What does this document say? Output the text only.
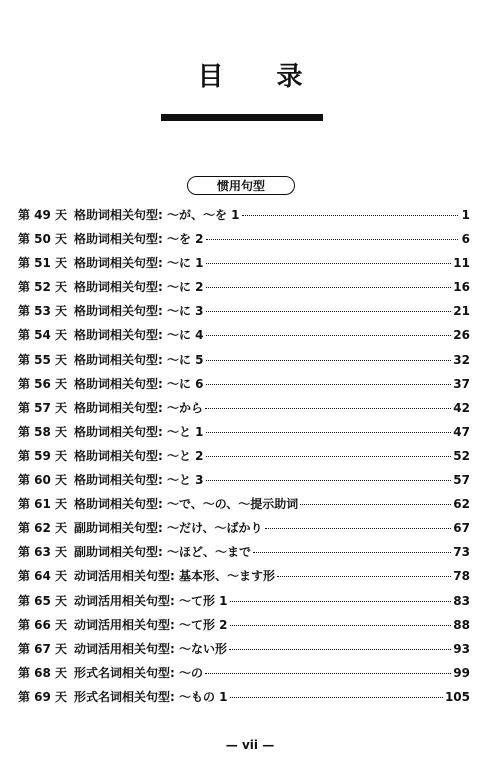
目 录
惯用句型
第 49 天 格助词相关句型: ～が、～を 1	1
第 50 天 格助词相关句型: ～を 2	6
第 51 天 格助词相关句型: ～に 1	11
第 52 天 格助词相关句型: ～に 2	16
第 53 天 格助词相关句型: ～に 3	21
第 54 天 格助词相关句型: ～に 4	26
第 55 天 格助词相关句型: ～に 5	32
第 56 天 格助词相关句型: ～に 6	37
第 57 天 格助词相关句型: ～から	42
第 58 天 格助词相关句型: ～と 1	47
第 59 天 格助词相关句型: ～と 2	52
第 60 天 格助词相关句型: ～と 3	57
第 61 天 格助词相关句型: ～で、～の、～提示助词	62
第 62 天 副助词相关句型: ～だけ、～ばかり	67
第 63 天 副助词相关句型: ～ほど、～まで	73
第 64 天 动词活用相关句型: 基本形、～ます形	78
第 65 天 动词活用相关句型: ～て形 1	83
第 66 天 动词活用相关句型: ～て形 2	88
第 67 天 动词活用相关句型: ～ない形	93
第 68 天 形式名词相关句型: ～の	99
第 69 天 形式名词相关句型: ～もの 1	105
— vii —
